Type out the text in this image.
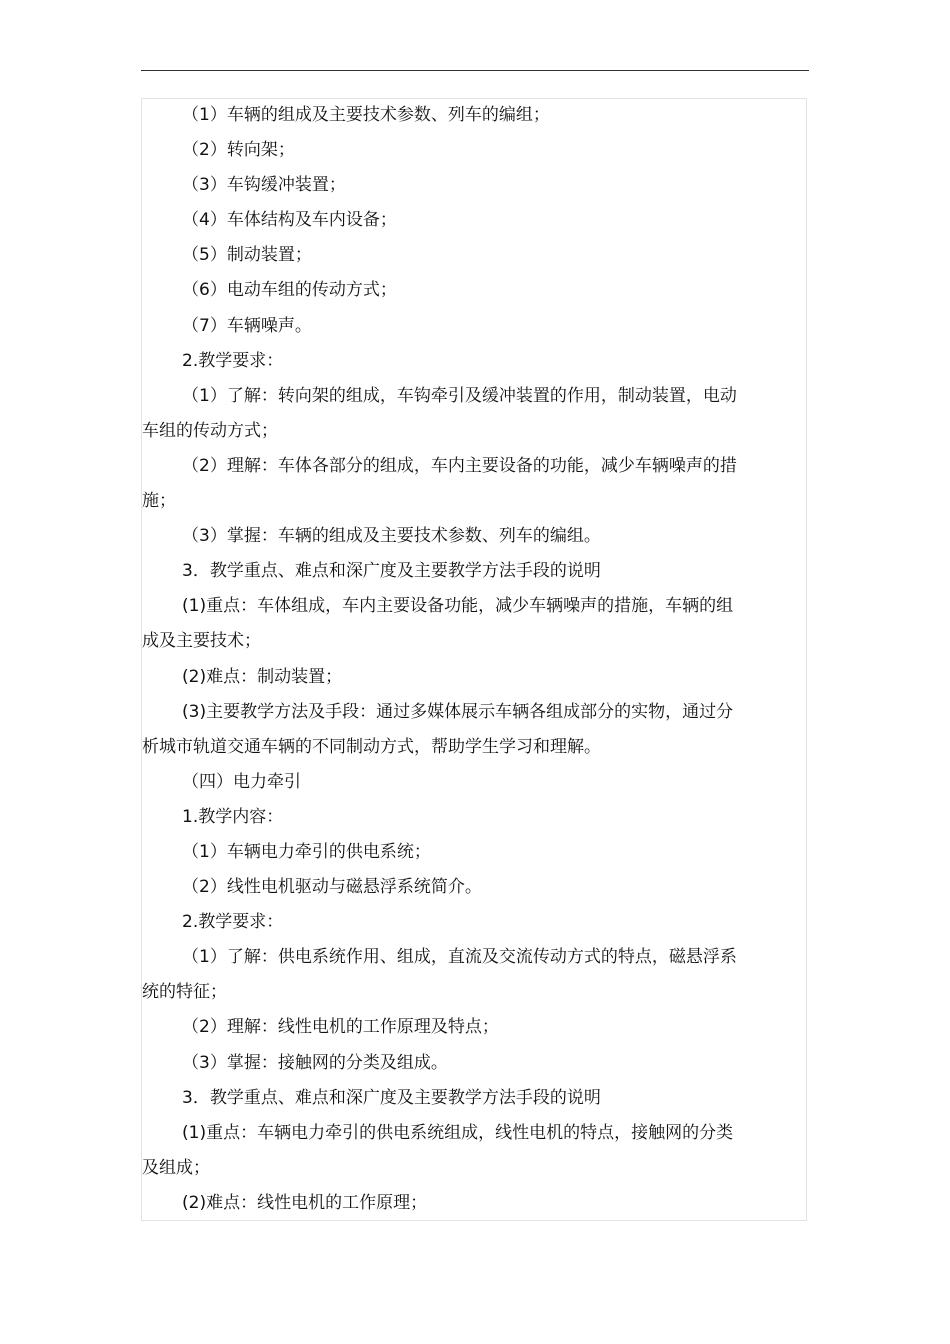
（1）车辆的组成及主要技术参数、列车的编组；
（2）转向架；
（3）车钩缓冲装置；
（4）车体结构及车内设备；
（5）制动装置；
（6）电动车组的传动方式；
（7）车辆噪声。
2.教学要求：
（1）了解：转向架的组成，车钩牵引及缓冲装置的作用，制动装置，电动
车组的传动方式；
（2）理解：车体各部分的组成，车内主要设备的功能，减少车辆噪声的措
施；
（3）掌握：车辆的组成及主要技术参数、列车的编组。
3．教学重点、难点和深广度及主要教学方法手段的说明
(1)重点：车体组成，车内主要设备功能，减少车辆噪声的措施，车辆的组
成及主要技术；
(2)难点：制动装置；
(3)主要教学方法及手段：通过多媒体展示车辆各组成部分的实物，通过分
析城市轨道交通车辆的不同制动方式，帮助学生学习和理解。
（四）电力牵引
1.教学内容：
（1）车辆电力牵引的供电系统；
（2）线性电机驱动与磁悬浮系统简介。
2.教学要求：
（1）了解：供电系统作用、组成，直流及交流传动方式的特点，磁悬浮系
统的特征；
（2）理解：线性电机的工作原理及特点；
（3）掌握：接触网的分类及组成。
3．教学重点、难点和深广度及主要教学方法手段的说明
(1)重点：车辆电力牵引的供电系统组成，线性电机的特点，接触网的分类
及组成；
(2)难点：线性电机的工作原理；
